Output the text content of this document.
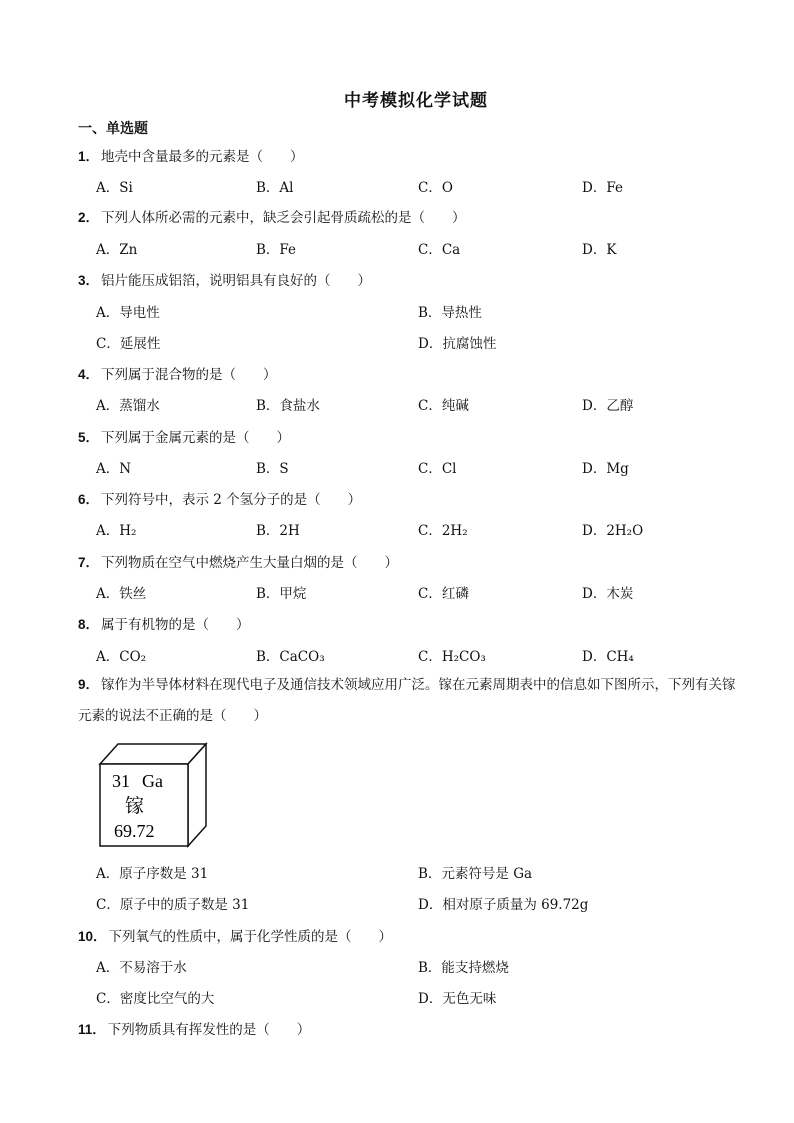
中考模拟化学试题
一、单选题
1． 地壳中含量最多的元素是（　　）
A．Si	B．Al	C．O	D．Fe
2． 下列人体所必需的元素中，缺乏会引起骨质疏松的是（　　）
A．Zn	B．Fe	C．Ca	D．K
3． 铝片能压成铝箔，说明铝具有良好的（　　）
A．导电性	B．导热性
C．延展性	D．抗腐蚀性
4． 下列属于混合物的是（　　）
A．蒸馏水	B．食盐水	C．纯碱	D．乙醇
5． 下列属于金属元素的是（　　）
A．N	B．S	C．Cl	D．Mg
6． 下列符号中，表示 2 个氢分子的是（　　）
A．H₂	B．2H	C．2H₂	D．2H₂O
7． 下列物质在空气中燃烧产生大量白烟的是（　　）
A．铁丝	B．甲烷	C．红磷	D．木炭
8． 属于有机物的是（　　）
A．CO₂	B．CaCO₃	C．H₂CO₃	D．CH₄
9． 镓作为半导体材料在现代电子及通信技术领域应用广泛。镓在元素周期表中的信息如下图所示，下列有关镓元素的说法不正确的是（　　）
31 Ga
镓
69.72
A．原子序数是 31	B．元素符号是 Ga
C．原子中的质子数是 31	D．相对原子质量为 69.72g
10． 下列氧气的性质中，属于化学性质的是（　　）
A．不易溶于水	B．能支持燃烧
C．密度比空气的大	D．无色无味
11． 下列物质具有挥发性的是（　　）
